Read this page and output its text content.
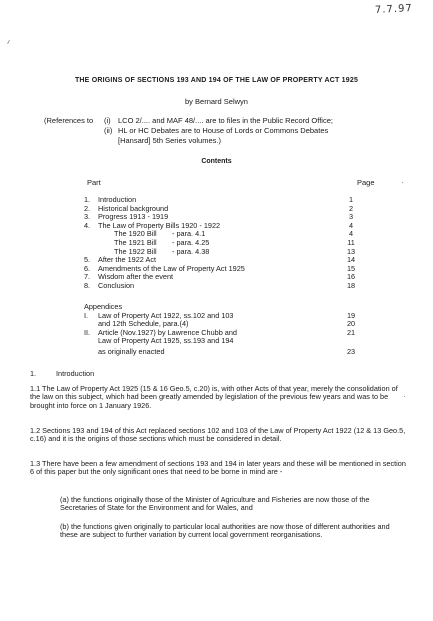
7.7.97
THE ORIGINS OF SECTIONS 193 AND 194 OF THE LAW OF PROPERTY ACT 1925
by Bernard Selwyn
(References to	(i) LCO 2/.... and MAF 48/.... are to files in the Public Record Office;
(ii) HL or HC Debates are to House of Lords or Commons Debates
[Hansard] 5th Series volumes.)
Contents
Part	Page
1.	Introduction	1
2.	Historical background	2
3.	Progress 1913 - 1919	3
4.	The Law of Property Bills 1920 - 1922	4
The 1920 Bill	- para. 4.1	4
The 1921 Bill	- para. 4.25	11
The 1922 Bill	- para. 4.38	13
5.	After the 1922 Act	14
6.	Amendments of the Law of Property Act 1925	15
7.	Wisdom after the event	16
8.	Conclusion	18
Appendices
I.	Law of Property Act 1922, ss.102 and 103	19
and 12th Schedule, para.(4)	20
II.	Article (Nov.1927) by Lawrence Chubb and	21
Law of Property Act 1925, ss.193 and 194
as originally enacted	23
1.	Introduction
1.1 The Law of Property Act 1925 (15 & 16 Geo.5, c.20) is, with other Acts of that year, merely the consolidation of the law on this subject, which had been greatly amended by legislation of the previous few years and was to be brought into force on 1 January 1926.
1.2 Sections 193 and 194 of this Act replaced sections 102 and 103 of the Law of Property Act 1922 (12 & 13 Geo.5, c.16) and it is the origins of those sections which must be considered in detail.
1.3 There have been a few amendment of sections 193 and 194 in later years and these will be mentioned in section 6 of this paper but the only significant ones that need to be borne in mind are -
(a) the functions originally those of the Minister of Agriculture and Fisheries are now those of the Secretaries of State for the Environment and for Wales, and
(b) the functions given originally to particular local authorities are now those of different authorities and these are subject to further variation by current local government reorganisations.
